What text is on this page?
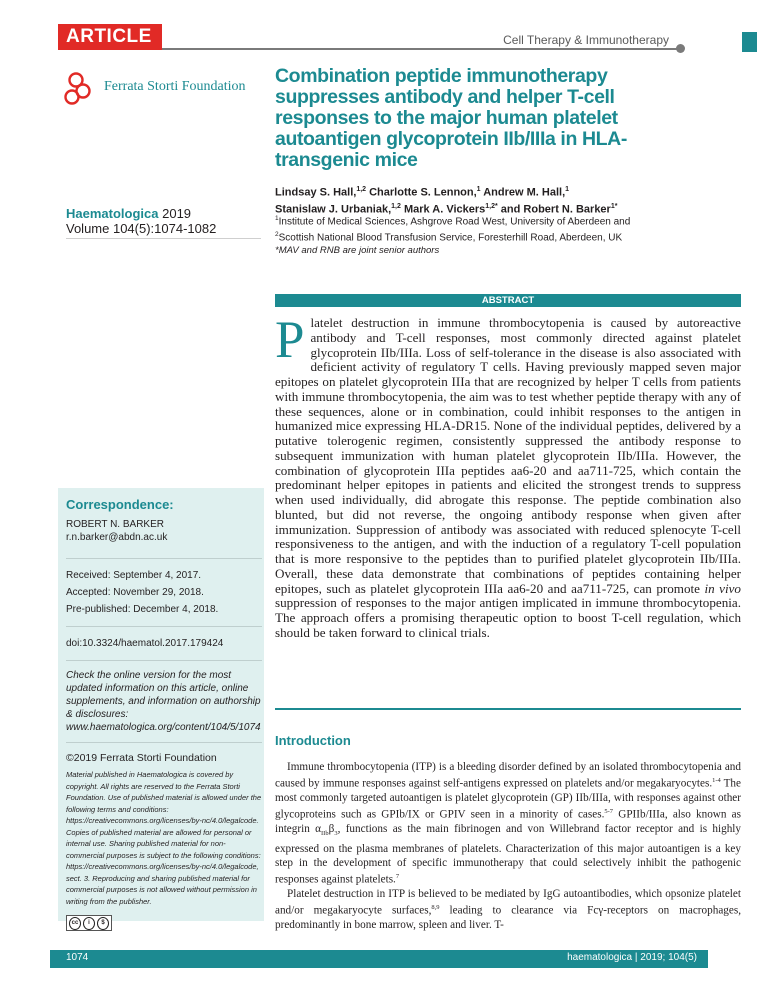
ARTICLE	Cell Therapy & Immunotherapy
Ferrata Storti Foundation
Haematologica 2019
Volume 104(5):1074-1082
Correspondence:
ROBERT N. BARKER
r.n.barker@abdn.ac.uk
Received: September 4, 2017.
Accepted: November 29, 2018.
Pre-published: December 4, 2018.
doi:10.3324/haematol.2017.179424
Check the online version for the most updated information on this article, online supplements, and information on authorship & disclosures: www.haematologica.org/content/104/5/1074
©2019 Ferrata Storti Foundation
Material published in Haematologica is covered by copyright. All rights are reserved to the Ferrata Storti Foundation. Use of published material is allowed under the following terms and conditions: https://creativecommons.org/licenses/by-nc/4.0/legalcode. Copies of published material are allowed for personal or internal use. Sharing published material for non-commercial purposes is subject to the following conditions: https://creativecommons.org/licenses/by-nc/4.0/legalcode, sect. 3. Reproducing and sharing published material for commercial purposes is not allowed without permission in writing from the publisher.
cc	i	$
Combination peptide immunotherapy suppresses antibody and helper T-cell responses to the major human platelet autoantigen glycoprotein IIb/IIIa in HLA-transgenic mice
Lindsay S. Hall,$^{1,2}$ Charlotte S. Lennon,$^1$ Andrew M. Hall,$^1$
Stanislaw J. Urbaniak,$^{1,2}$ Mark A. Vickers$^{1,2*}$ and Robert N. Barker$^{1*}$
$^1$Institute of Medical Sciences, Ashgrove Road West, University of Aberdeen and
$^2$Scottish National Blood Transfusion Service, Foresterhill Road, Aberdeen, UK
*MAV and RNB are joint senior authors
ABSTRACT
Platelet destruction in immune thrombocytopenia is caused by autoreactive antibody and T-cell responses, most commonly directed against platelet glycoprotein IIb/IIIa. Loss of self-tolerance in the disease is also associated with deficient activity of regulatory T cells. Having previously mapped seven major epitopes on platelet glycoprotein IIIa that are recognized by helper T cells from patients with immune thrombocytopenia, the aim was to test whether peptide therapy with any of these sequences, alone or in combination, could inhibit responses to the antigen in humanized mice expressing HLA-DR15. None of the individual peptides, delivered by a putative tolerogenic regimen, consistently suppressed the antibody response to subsequent immunization with human platelet glycoprotein IIb/IIIa. However, the combination of glycoprotein IIIa peptides aa6-20 and aa711-725, which contain the predominant helper epitopes in patients and elicited the strongest trends to suppress when used individually, did abrogate this response. The peptide combination also blunted, but did not reverse, the ongoing antibody response when given after immunization. Suppression of antibody was associated with reduced splenocyte T-cell responsiveness to the antigen, and with the induction of a regulatory T-cell population that is more responsive to the peptides than to purified platelet glycoprotein IIb/IIIa. Overall, these data demonstrate that combinations of peptides containing helper epitopes, such as platelet glycoprotein IIIa aa6-20 and aa711-725, can promote in vivo suppression of responses to the major antigen implicated in immune thrombocytopenia. The approach offers a promising therapeutic option to boost T-cell regulation, which should be taken forward to clinical trials.
Introduction

Immune thrombocytopenia (ITP) is a bleeding disorder defined by an isolated thrombocytopenia and caused by immune responses against self-antigens expressed on platelets and/or megakaryocytes.$^{1-4}$ The most commonly targeted autoantigen is platelet glycoprotein (GP) IIb/IIIa, with responses against other glycoproteins such as GPIb/IX or GPIV seen in a minority of cases.$^{5-7}$ GPIIb/IIIa, also known as integrin $\alpha_{IIb}\beta_3$, functions as the main fibrinogen and von Willebrand factor receptor and is highly expressed on the plasma membranes of platelets. Characterization of this major autoantigen is a key step in the development of specific immunotherapy that could selectively inhibit the pathogenic responses against platelets.$^7$

Platelet destruction in ITP is believed to be mediated by IgG autoantibodies, which opsonize platelet and/or megakaryocyte surfaces,$^{8,9}$ leading to clearance via Fcγ-receptors on macrophages, predominantly in bone marrow, spleen and liver. T-

1074	haematologica | 2019; 104(5)
